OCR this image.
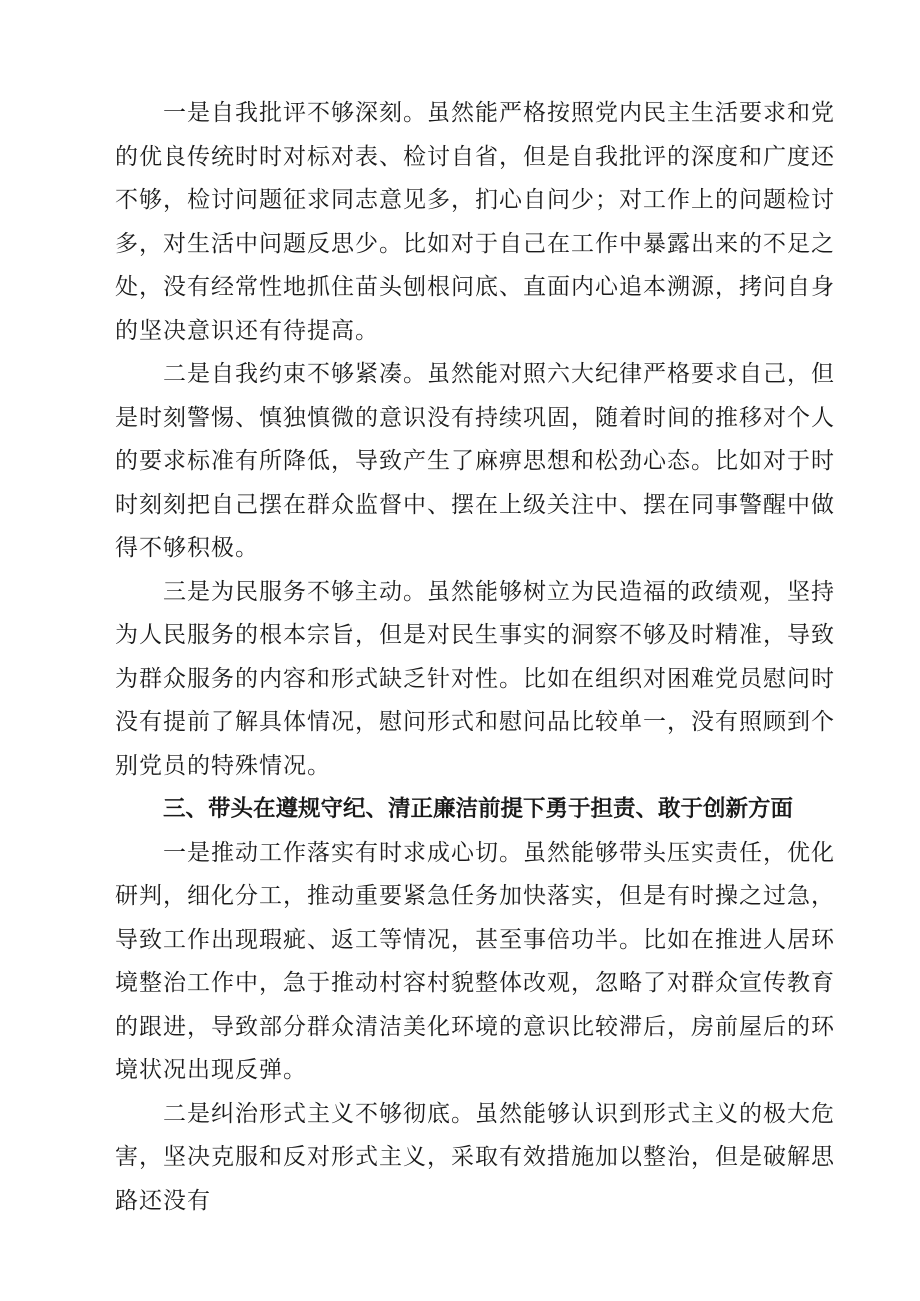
一是自我批评不够深刻。虽然能严格按照党内民主生活要求和党的优良传统时时对标对表、检讨自省，但是自我批评的深度和广度还不够，检讨问题征求同志意见多，扪心自问少；对工作上的问题检讨多，对生活中问题反思少。比如对于自己在工作中暴露出来的不足之处，没有经常性地抓住苗头刨根问底、直面内心追本溯源，拷问自身的坚决意识还有待提高。

二是自我约束不够紧凑。虽然能对照六大纪律严格要求自己，但是时刻警惕、慎独慎微的意识没有持续巩固，随着时间的推移对个人的要求标准有所降低，导致产生了麻痹思想和松劲心态。比如对于时时刻刻把自己摆在群众监督中、摆在上级关注中、摆在同事警醒中做得不够积极。

三是为民服务不够主动。虽然能够树立为民造福的政绩观，坚持为人民服务的根本宗旨，但是对民生事实的洞察不够及时精准，导致为群众服务的内容和形式缺乏针对性。比如在组织对困难党员慰问时没有提前了解具体情况，慰问形式和慰问品比较单一，没有照顾到个别党员的特殊情况。

三、带头在遵规守纪、清正廉洁前提下勇于担责、敢于创新方面

一是推动工作落实有时求成心切。虽然能够带头压实责任，优化研判，细化分工，推动重要紧急任务加快落实，但是有时操之过急，导致工作出现瑕疵、返工等情况，甚至事倍功半。比如在推进人居环境整治工作中，急于推动村容村貌整体改观，忽略了对群众宣传教育的跟进，导致部分群众清洁美化环境的意识比较滞后，房前屋后的环境状况出现反弹。

二是纠治形式主义不够彻底。虽然能够认识到形式主义的极大危害，坚决克服和反对形式主义，采取有效措施加以整治，但是破解思路还没有
